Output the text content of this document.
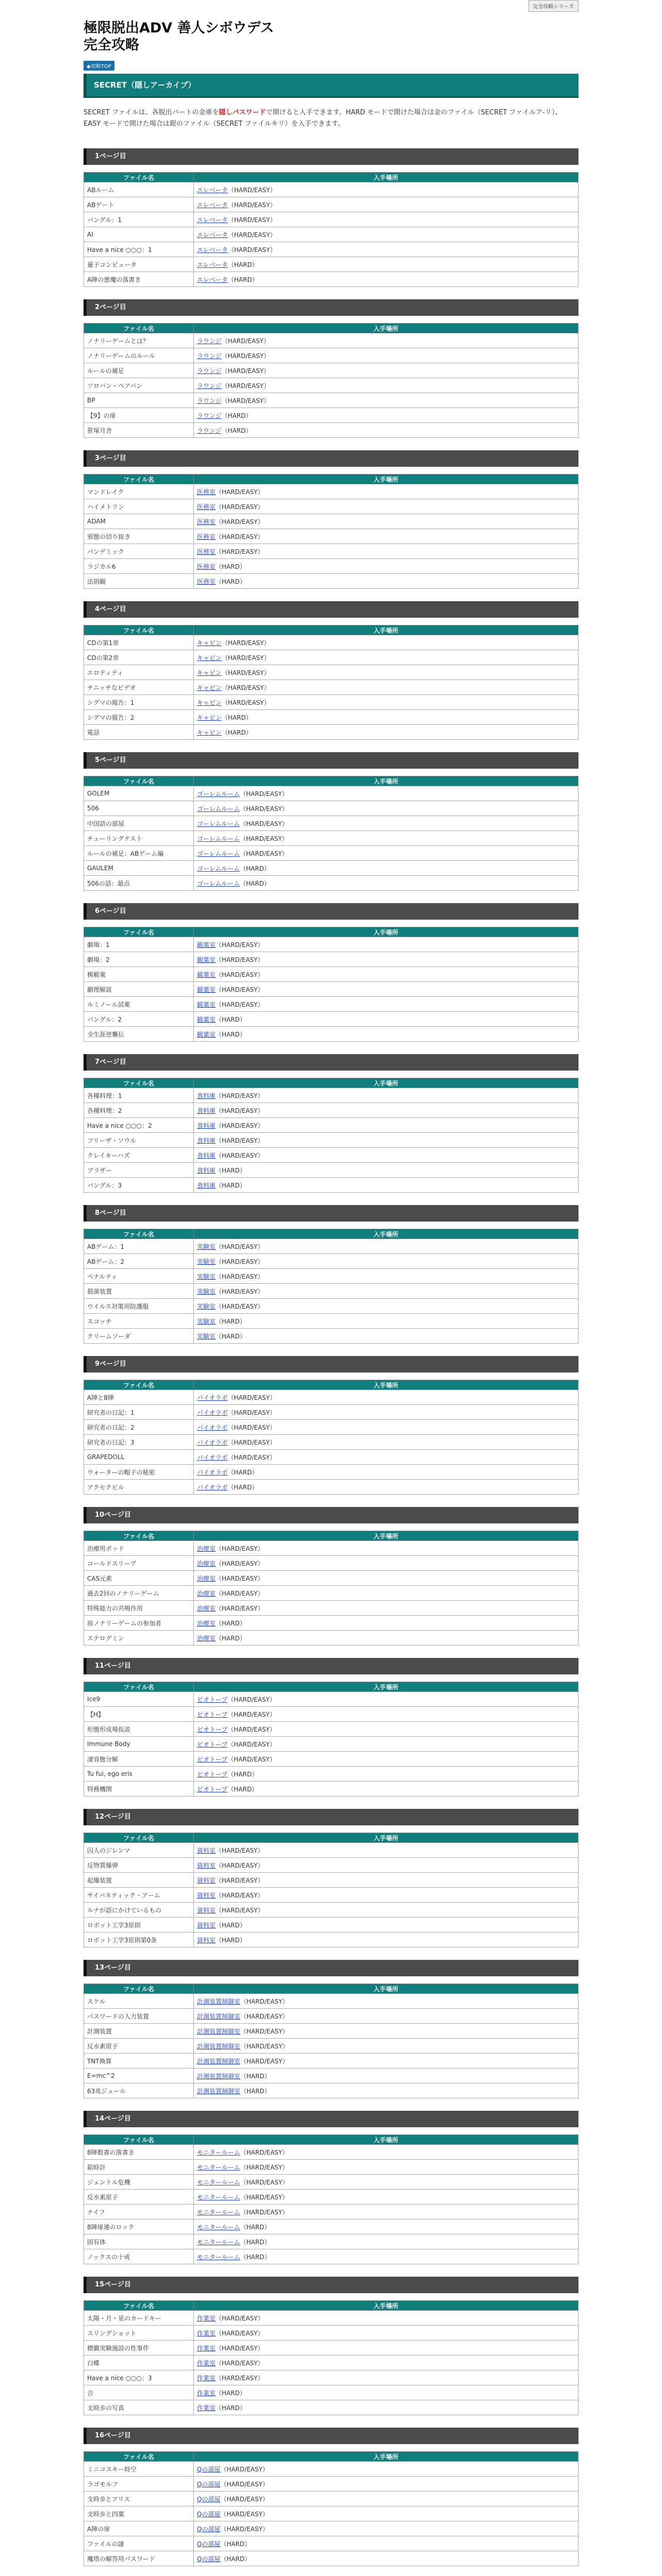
完全攻略シリーズ
極限脱出ADV 善人シボウデス
完全攻略
◆攻略TOP
SECRET（隠しアーカイブ）
SECRET ファイルは、各脱出パートの金庫を隠しパスワードで開けると入手できます。HARD モードで開けた場合は金のファイル（SECRET ファイルア-リ）、EASY モードで開けた場合は銀のファイル（SECRET ファイルキリ）を入手できます。
1ページ目
ファイル名	入手場所
ABルーム	エレベータ（HARD/EASY）
ABゲート	エレベータ（HARD/EASY）
バングル：1	エレベータ（HARD/EASY）
AI	エレベータ（HARD/EASY）
Have a nice ○○○：1	エレベータ（HARD/EASY）
量子コンピュータ	エレベータ（HARD）
A陣の悪魔の落書き	エレベータ（HARD）
2ページ目
ファイル名	入手場所
ノナリーゲームとは？	ラウンジ（HARD/EASY）
ノナリーゲームのルール	ラウンジ（HARD/EASY）
ルールの補足	ラウンジ（HARD/EASY）
ソロバン・ペアバン	ラウンジ（HARD/EASY）
BP	ラウンジ（HARD/EASY）
【9】の扉	ラウンジ（HARD）
笹塚月舎	ラウンジ（HARD）
3ページ目
ファイル名	入手場所
マンドレイク	医務室（HARD/EASY）
ハイメトリン	医務室（HARD/EASY）
ADAM	医務室（HARD/EASY）
邪態の切り抜き	医務室（HARD/EASY）
パンデミック	医務室（HARD/EASY）
ラジカル6	医務室（HARD）
法則観	医務室（HARD）
4ページ目
ファイル名	入手場所
CDの第1章	キャビン（HARD/EASY）
CDの第2章	キャビン（HARD/EASY）
エロティティ	キャビン（HARD/EASY）
チニッチなビデオ	キャビン（HARD/EASY）
シグマの報告：1	キャビン（HARD/EASY）
シグマの報告：2	キャビン（HARD）
電話	キャビン（HARD）
5ページ目
ファイル名	入手場所
GOLEM	ゴーレムルーム（HARD/EASY）
506	ゴーレムルーム（HARD/EASY）
中国語の部屋	ゴーレムルーム（HARD/EASY）
チューリングテスト	ゴーレムルーム（HARD/EASY）
ルールの補足：ABゲーム編	ゴーレムルーム（HARD/EASY）
GAULEM	ゴーレムルーム（HARD）
506の話：最点	ゴーレムルーム（HARD）
6ページ目
ファイル名	入手場所
劇場：1	観葉室（HARD/EASY）
劇場：2	観葉室（HARD/EASY）
模範案	観葉室（HARD/EASY）
劇理解説	観葉室（HARD/EASY）
ルミノール試薬	観葉室（HARD/EASY）
バングル：2	観葉室（HARD）
全生涯逆襲伝	観葉室（HARD）
7ページ目
ファイル名	入手場所
各種料理：1	食料庫（HARD/EASY）
各種料理：2	食料庫（HARD/EASY）
Have a nice ○○○：2	食料庫（HARD/EASY）
フリーザ・ソウル	食料庫（HARD/EASY）
クレイキーハズ	食料庫（HARD/EASY）
ブラザー	食料庫（HARD）
バングル：3	食料庫（HARD）
8ページ目
ファイル名	入手場所
ABゲーム：1	実験室（HARD/EASY）
ABゲーム：2	実験室（HARD/EASY）
ペナルティ	実験室（HARD/EASY）
殺菌装置	実験室（HARD/EASY）
ウイルス対策用防護服	実験室（HARD/EASY）
スコッチ	実験室（HARD）
クリームソーダ	実験室（HARD）
9ページ目
ファイル名	入手場所
A陣と8陣	バイオラボ（HARD/EASY）
研究者の日記：1	バイオラボ（HARD/EASY）
研究者の日記：2	バイオラボ（HARD/EASY）
研究者の日記：3	バイオラボ（HARD/EASY）
GRAPEDOLL	バイオラボ（HARD/EASY）
ウォーターの帽子の秘密	バイオラボ（HARD）
アクセクビル	バイオラボ（HARD）
10ページ目
ファイル名	入手場所
治療用ポッド	治療室（HARD/EASY）
コールドスリープ	治療室（HARD/EASY）
CAS元素	治療室（HARD/EASY）
過去2回のノナリーゲーム	治療室（HARD/EASY）
特殊能力の共鳴作用	治療室（HARD/EASY）
前ノナリーゲームの参加者	治療室（HARD）
ステログミン	治療室（HARD）
11ページ目
ファイル名	入手場所
Ice9	ピオトープ（HARD/EASY）
【H】	ピオトープ（HARD/EASY）
形態形成場仮説	ピオトープ（HARD/EASY）
Immune Body	ピオトープ（HARD/EASY）
凄容態分解	ピオトープ（HARD/EASY）
Tu fui, ego eris	ピオトープ（HARD）
特務機関	ピオトープ（HARD）
12ページ目
ファイル名	入手場所
囚人のジレンマ	資料室（HARD/EASY）
反物質爆弾	資料室（HARD/EASY）
起爆装置	資料室（HARD/EASY）
サイバネティック・アーム	資料室（HARD/EASY）
ルナが語にかけているもの	資料室（HARD/EASY）
ロボット工学3原則	資料室（HARD）
ロボット工学3原則第0条	資料室（HARD）
13ページ目
ファイル名	入手場所
スケル	計測装置制御室（HARD/EASY）
パスワードの入力装置	計測装置制御室（HARD/EASY）
計測装置	計測装置制御室（HARD/EASY）
反水素原子	計測装置制御室（HARD/EASY）
TNT換算	計測装置制御室（HARD/EASY）
E=mc^2	計測装置制御室（HARD）
63兆ジュール	計測装置制御室（HARD）
14ページ目
ファイル名	入手場所
8陣数書の落書き	モニタールーム（HARD/EASY）
鉛時計	モニタールーム（HARD/EASY）
ジェントル危機	モニタールーム（HARD/EASY）
反水素原子	モニタールーム（HARD/EASY）
ナイフ	モニタールーム（HARD/EASY）
8陣扉連のロック	モニタールーム（HARD）
固有体	モニタールーム（HARD）
ノックスの十戒	モニタールーム（HARD）
15ページ目
ファイル名	入手場所
太陽・月・星のカードキー	作業室（HARD/EASY）
スリングショット	作業室（HARD/EASY）
標籤実験施設の性事件	作業室（HARD/EASY）
白蝶	作業室（HARD/EASY）
Have a nice ○○○：3	作業室（HARD/EASY）
合	作業室（HARD）
支時歩の写真	作業室（HARD）
16ページ目
ファイル名	入手場所
ミニコスキー時空	Qの部屋（HARD/EASY）
ラゴモルフ	Qの部屋（HARD/EASY）
支時歩とアリス	Qの部屋（HARD/EASY）
支時歩と四葉	Qの部屋（HARD/EASY）
A陣の扉	Qの部屋（HARD/EASY）
ファイルの謎	Qの部屋（HARD）
魔塔の解答用パスワード	Qの部屋（HARD）
